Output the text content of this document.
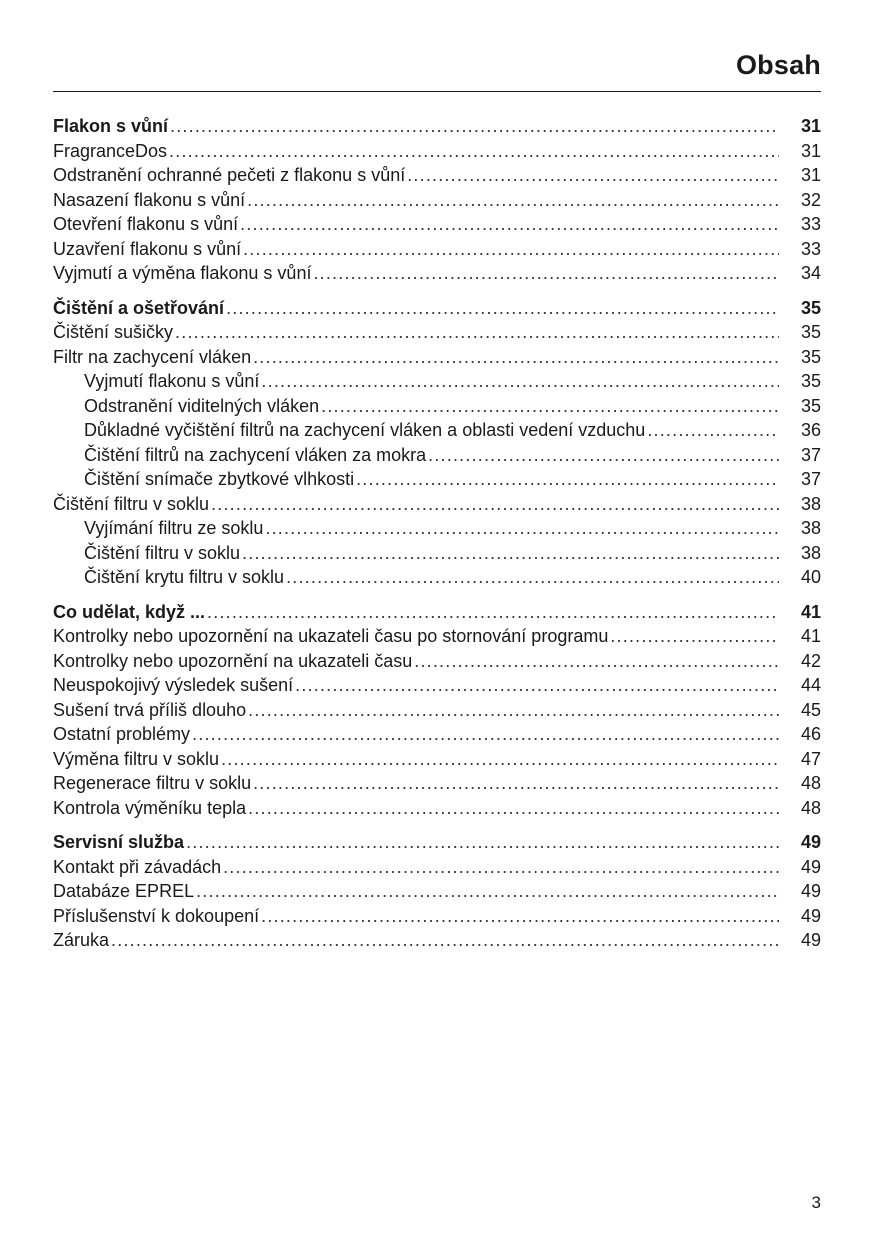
Obsah
Flakon s vůní .....	31
FragranceDos .....	31
Odstranění ochranné pečeti z flakonu s vůní .....	31
Nasazení flakonu s vůní .....	32
Otevření flakonu s vůní .....	33
Uzavření flakonu s vůní .....	33
Vyjmutí a výměna flakonu s vůní .....	34
Čištění a ošetřování .....	35
Čištění sušičky .....	35
Filtr na zachycení vláken .....	35
Vyjmutí flakonu s vůní .....	35
Odstranění viditelných vláken .....	35
Důkladné vyčištění filtrů na zachycení vláken a oblasti vedení vzduchu .....	36
Čištění filtrů na zachycení vláken za mokra .....	37
Čištění snímače zbytkové vlhkosti .....	37
Čištění filtru v soklu .....	38
Vyjímání filtru ze soklu .....	38
Čištění filtru v soklu .....	38
Čištění krytu filtru v soklu .....	40
Co udělat, když ... .....	41
Kontrolky nebo upozornění na ukazateli času po stornování programu .....	41
Kontrolky nebo upozornění na ukazateli času .....	42
Neuspokojivý výsledek sušení .....	44
Sušení trvá příliš dlouho .....	45
Ostatní problémy .....	46
Výměna filtru v soklu .....	47
Regenerace filtru v soklu .....	48
Kontrola výměníku tepla .....	48
Servisní služba .....	49
Kontakt při závadách .....	49
Databáze EPREL .....	49
Příslušenství k dokoupení .....	49
Záruka .....	49
3
